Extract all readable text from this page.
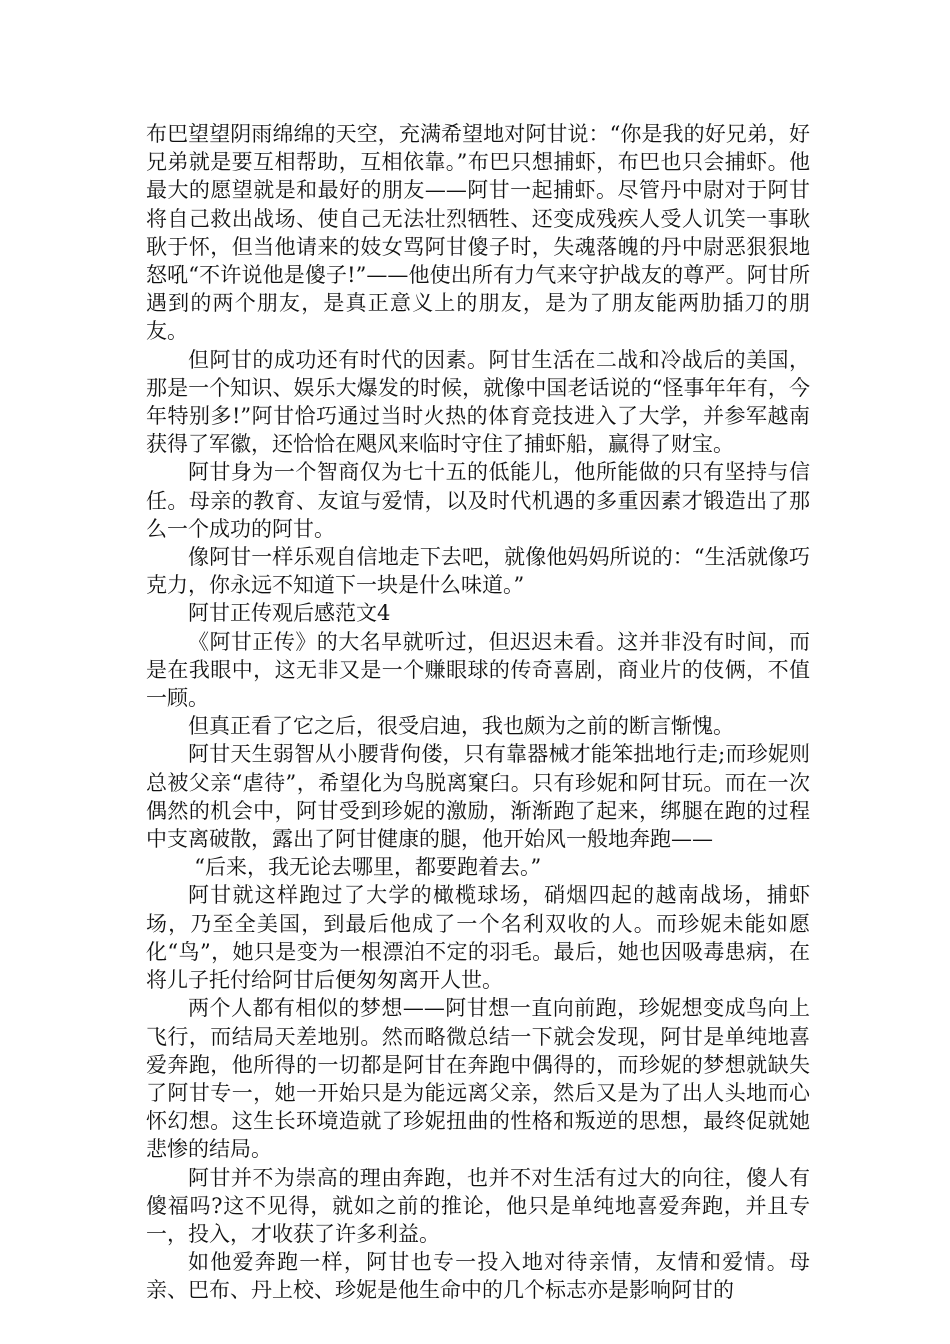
布巴望望阴雨绵绵的天空，充满希望地对阿甘说：“你是我的好兄弟，好兄弟就是要互相帮助，互相依靠。”布巴只想捕虾，布巴也只会捕虾。他最大的愿望就是和最好的朋友——阿甘一起捕虾。尽管丹中尉对于阿甘将自己救出战场、使自己无法壮烈牺牲、还变成残疾人受人讥笑一事耿耿于怀，但当他请来的妓女骂阿甘傻子时，失魂落魄的丹中尉恶狠狠地怒吼“不许说他是傻子!”——他使出所有力气来守护战友的尊严。阿甘所遇到的两个朋友，是真正意义上的朋友，是为了朋友能两肋插刀的朋友。

但阿甘的成功还有时代的因素。阿甘生活在二战和冷战后的美国，那是一个知识、娱乐大爆发的时候，就像中国老话说的“怪事年年有，今年特别多!”阿甘恰巧通过当时火热的体育竞技进入了大学，并参军越南获得了军徽，还恰恰在飓风来临时守住了捕虾船，赢得了财宝。

阿甘身为一个智商仅为七十五的低能儿，他所能做的只有坚持与信任。母亲的教育、友谊与爱情，以及时代机遇的多重因素才锻造出了那么一个成功的阿甘。

像阿甘一样乐观自信地走下去吧，就像他妈妈所说的：“生活就像巧克力，你永远不知道下一块是什么味道。”

阿甘正传观后感范文4

《阿甘正传》的大名早就听过，但迟迟未看。这并非没有时间，而是在我眼中，这无非又是一个赚眼球的传奇喜剧，商业片的伎俩，不值一顾。

但真正看了它之后，很受启迪，我也颇为之前的断言惭愧。

阿甘天生弱智从小腰背佝偻，只有靠器械才能笨拙地行走;而珍妮则总被父亲“虐待”，希望化为鸟脱离窠臼。只有珍妮和阿甘玩。而在一次偶然的机会中，阿甘受到珍妮的激励，渐渐跑了起来，绑腿在跑的过程中支离破散，露出了阿甘健康的腿，他开始风一般地奔跑——

“后来，我无论去哪里，都要跑着去。”

阿甘就这样跑过了大学的橄榄球场，硝烟四起的越南战场，捕虾场，乃至全美国，到最后他成了一个名利双收的人。而珍妮未能如愿化“鸟”，她只是变为一根漂泊不定的羽毛。最后，她也因吸毒患病，在将儿子托付给阿甘后便匆匆离开人世。

两个人都有相似的梦想——阿甘想一直向前跑，珍妮想变成鸟向上飞行，而结局天差地别。然而略微总结一下就会发现，阿甘是单纯地喜爱奔跑，他所得的一切都是阿甘在奔跑中偶得的，而珍妮的梦想就缺失了阿甘专一，她一开始只是为能远离父亲，然后又是为了出人头地而心怀幻想。这生长环境造就了珍妮扭曲的性格和叛逆的思想，最终促就她悲惨的结局。

阿甘并不为崇高的理由奔跑，也并不对生活有过大的向往，傻人有傻福吗?这不见得，就如之前的推论，他只是单纯地喜爱奔跑，并且专一，投入，才收获了许多利益。

如他爱奔跑一样，阿甘也专一投入地对待亲情，友情和爱情。母亲、巴布、丹上校、珍妮是他生命中的几个标志亦是影响阿甘的
